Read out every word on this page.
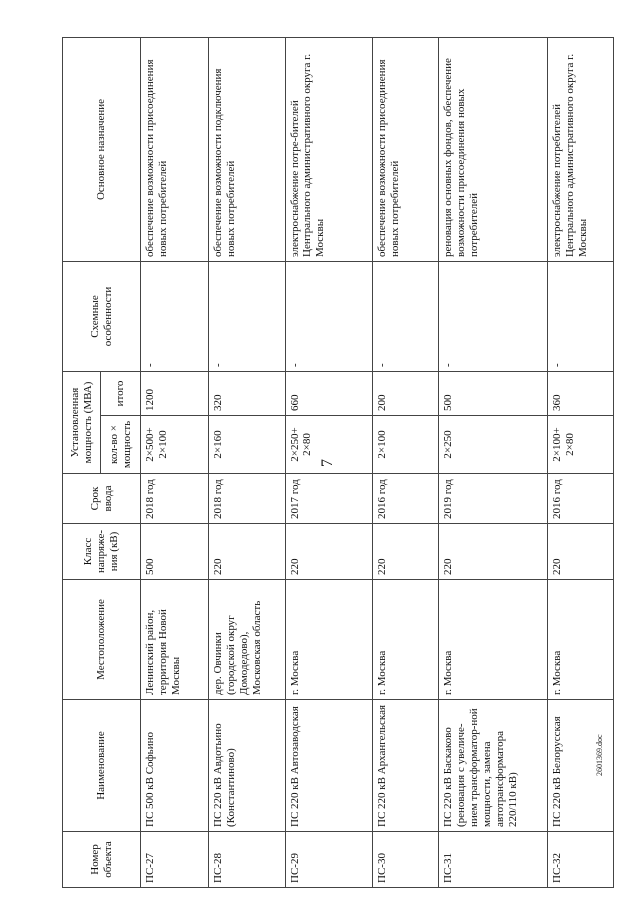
7
Номер объекта	Наименование	Местоположение	Класс напряже-ния (кВ)	Срок ввода	Установленная мощность (МВА)		Схемные особенности	Основное назначение
					кол-во × мощность	итого		
ПС-27	ПС 500 кВ Софьино	Ленинский район, территория Новой Москвы	500	2018 год	2×500+ 2×100	1200	-	обеспечение возможности присоединения новых потребителей
ПС-28	ПС 220 кВ Авдотьино (Константиново)	дер. Овчинки (городской округ Домодедово), Московская область	220	2018 год	2×160	320	-	обеспечение возможности подключения новых потребителей
ПС-29	ПС 220 кВ Автозаводская	г. Москва	220	2017 год	2×250+ 2×80	660	-	электроснабжение потре-бителей Центрального административного округа г. Москвы
ПС-30	ПС 220 кВ Архангельская	г. Москва	220	2016 год	2×100	200	-	обеспечение возможности присоединения новых потребителей
ПС-31	ПС 220 кВ Баскаково (реновация с увеличе-нием трансформатор-ной мощности, замена автотрансформатора 220/110 кВ)	г. Москва	220	2019 год	2×250	500	-	реновация основных фондов, обеспечение возможности присоединения новых потребителей
ПС-32	ПС 220 кВ Белорусская	г. Москва	220	2016 год	2×100+ 2×80	360	-	электроснабжение потребителей Центрального административного округа г. Москвы
2601369.doc
